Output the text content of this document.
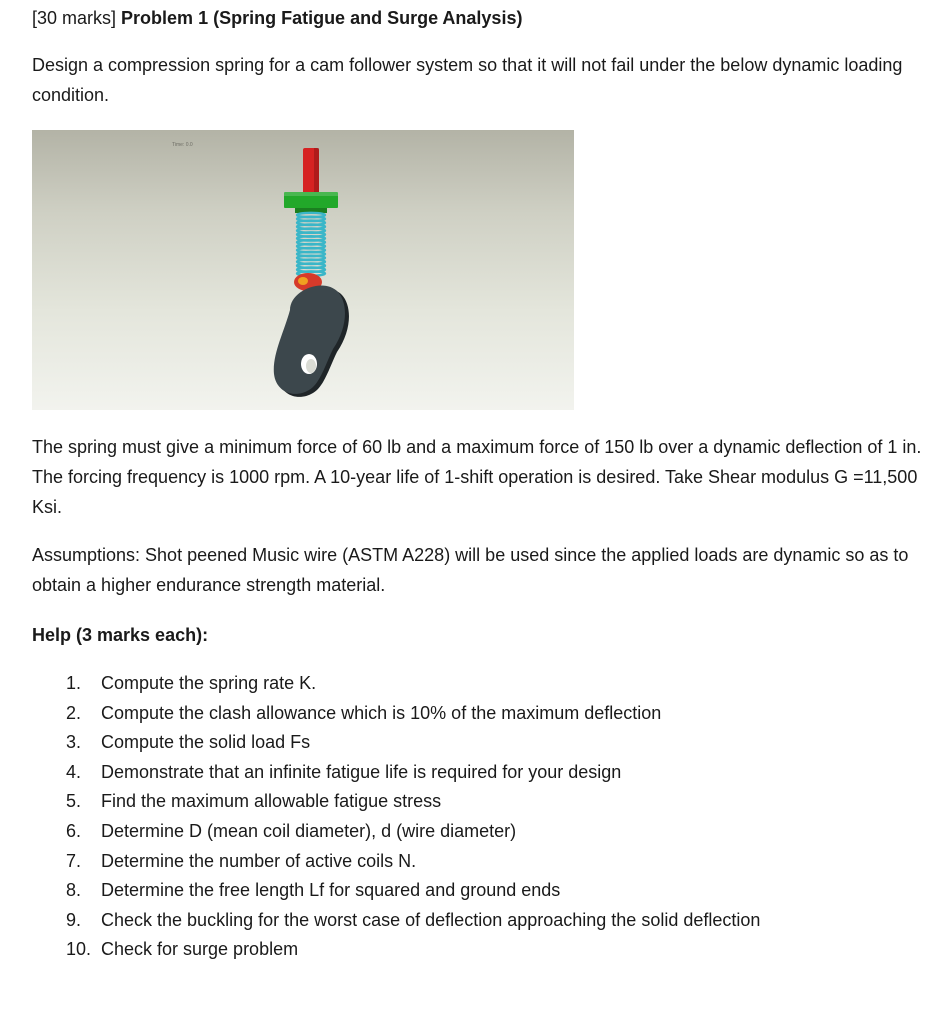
[30 marks] Problem 1 (Spring Fatigue and Surge Analysis)

Design a compression spring for a cam follower system so that it will not fail under the below dynamic loading condition.

The spring must give a minimum force of 60 lb and a maximum force of 150 lb over a dynamic deflection of 1 in. The forcing frequency is 1000 rpm. A 10-year life of 1-shift operation is desired. Take Shear modulus G =11,500 Ksi.

Assumptions: Shot peened Music wire (ASTM A228) will be used since the applied loads are dynamic so as to obtain a higher endurance strength material.

Help (3 marks each):
1.	Compute the spring rate K.
2.	Compute the clash allowance which is 10% of the maximum deflection
3.	Compute the solid load Fs
4.	Demonstrate that an infinite fatigue life is required for your design
5.	Find the maximum allowable fatigue stress
6.	Determine D (mean coil diameter), d (wire diameter)
7.	Determine the number of active coils N.
8.	Determine the free length Lf for squared and ground ends
9.	Check the buckling for the worst case of deflection approaching the solid deflection
10. Check for surge problem
Time: 0.0
